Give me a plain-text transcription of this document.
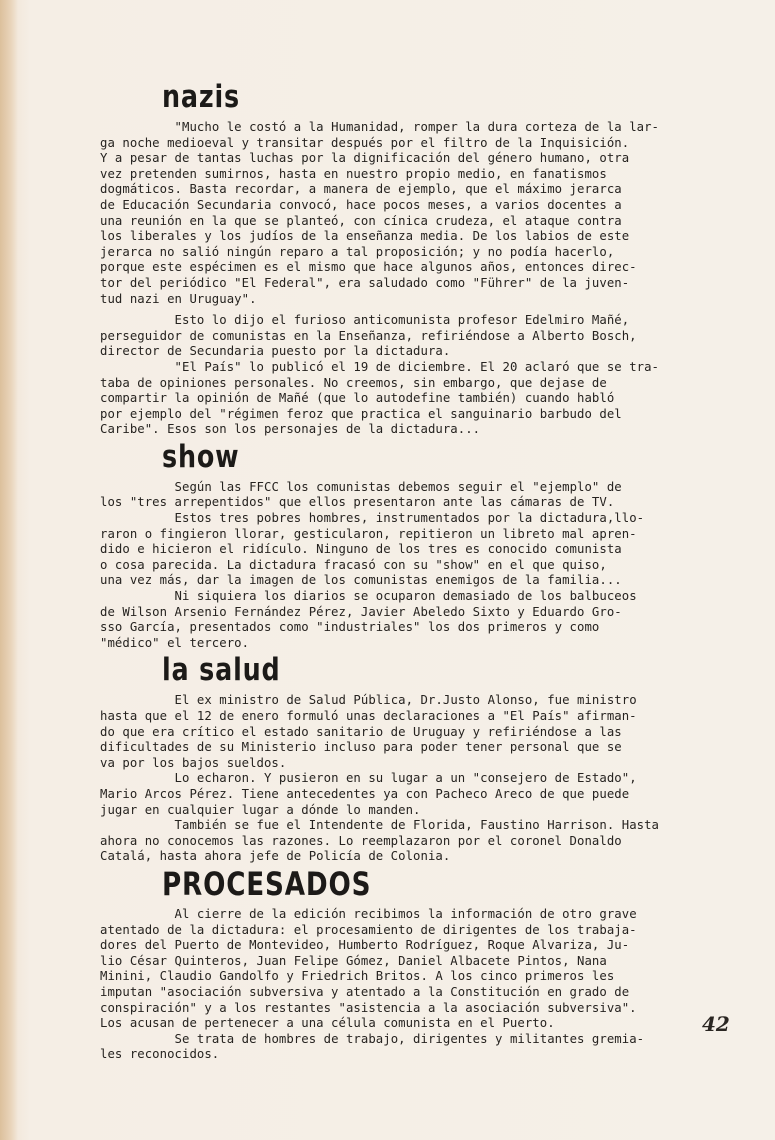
nazis

"Mucho le costó a la Humanidad, romper la dura corteza de la lar-
ga noche medioeval y transitar después por el filtro de la Inquisición.
Y a pesar de tantas luchas por la dignificación del género humano, otra
vez pretenden sumirnos, hasta en nuestro propio medio, en fanatismos
dogmáticos. Basta recordar, a manera de ejemplo, que el máximo jerarca
de Educación Secundaria convocó, hace pocos meses, a varios docentes a
una reunión en la que se planteó, con cínica crudeza, el ataque contra
los liberales y los judíos de la enseñanza media. De los labios de este
jerarca no salió ningún reparo a tal proposición; y no podía hacerlo,
porque este espécimen es el mismo que hace algunos años, entonces direc-
tor del periódico "El Federal", era saludado como "Führer" de la juven-
tud nazi en Uruguay".

Esto lo dijo el furioso anticomunista profesor Edelmiro Mañé,
perseguidor de comunistas en la Enseñanza, refiriéndose a Alberto Bosch,
director de Secundaria puesto por la dictadura.
"El País" lo publicó el 19 de diciembre. El 20 aclaró que se tra-
taba de opiniones personales. No creemos, sin embargo, que dejase de
compartir la opinión de Mañé (que lo autodefine también) cuando habló
por ejemplo del "régimen feroz que practica el sanguinario barbudo del
Caribe". Esos son los personajes de la dictadura...

show

Según las FFCC los comunistas debemos seguir el "ejemplo" de
los "tres arrepentidos" que ellos presentaron ante las cámaras de TV.
Estos tres pobres hombres, instrumentados por la dictadura,llo-
raron o fingieron llorar, gesticularon, repitieron un libreto mal apren-
dido e hicieron el ridículo. Ninguno de los tres es conocido comunista
o cosa parecida. La dictadura fracasó con su "show" en el que quiso,
una vez más, dar la imagen de los comunistas enemigos de la familia...
Ni siquiera los diarios se ocuparon demasiado de los balbuceos
de Wilson Arsenio Fernández Pérez, Javier Abeledo Sixto y Eduardo Gro-
sso García, presentados como "industriales" los dos primeros y como
"médico" el tercero.

la salud

El ex ministro de Salud Pública, Dr.Justo Alonso, fue ministro
hasta que el 12 de enero formuló unas declaraciones a "El País" afirman-
do que era crítico el estado sanitario de Uruguay y refiriéndose a las
dificultades de su Ministerio incluso para poder tener personal que se
va por los bajos sueldos.
Lo echaron. Y pusieron en su lugar a un "consejero de Estado",
Mario Arcos Pérez. Tiene antecedentes ya con Pacheco Areco de que puede
jugar en cualquier lugar a dónde lo manden.
También se fue el Intendente de Florida, Faustino Harrison. Hasta
ahora no conocemos las razones. Lo reemplazaron por el coronel Donaldo
Catalá, hasta ahora jefe de Policía de Colonia.

PROCESADOS

Al cierre de la edición recibimos la información de otro grave
atentado de la dictadura: el procesamiento de dirigentes de los trabaja-
dores del Puerto de Montevideo, Humberto Rodríguez, Roque Alvariza, Ju-
lio César Quinteros, Juan Felipe Gómez, Daniel Albacete Pintos, Nana
Minini, Claudio Gandolfo y Friedrich Britos. A los cinco primeros les
imputan "asociación subversiva y atentado a la Constitución en grado de
conspiración" y a los restantes "asistencia a la asociación subversiva".
Los acusan de pertenecer a una célula comunista en el Puerto.
Se trata de hombres de trabajo, dirigentes y militantes gremia-
les reconocidos.

42
